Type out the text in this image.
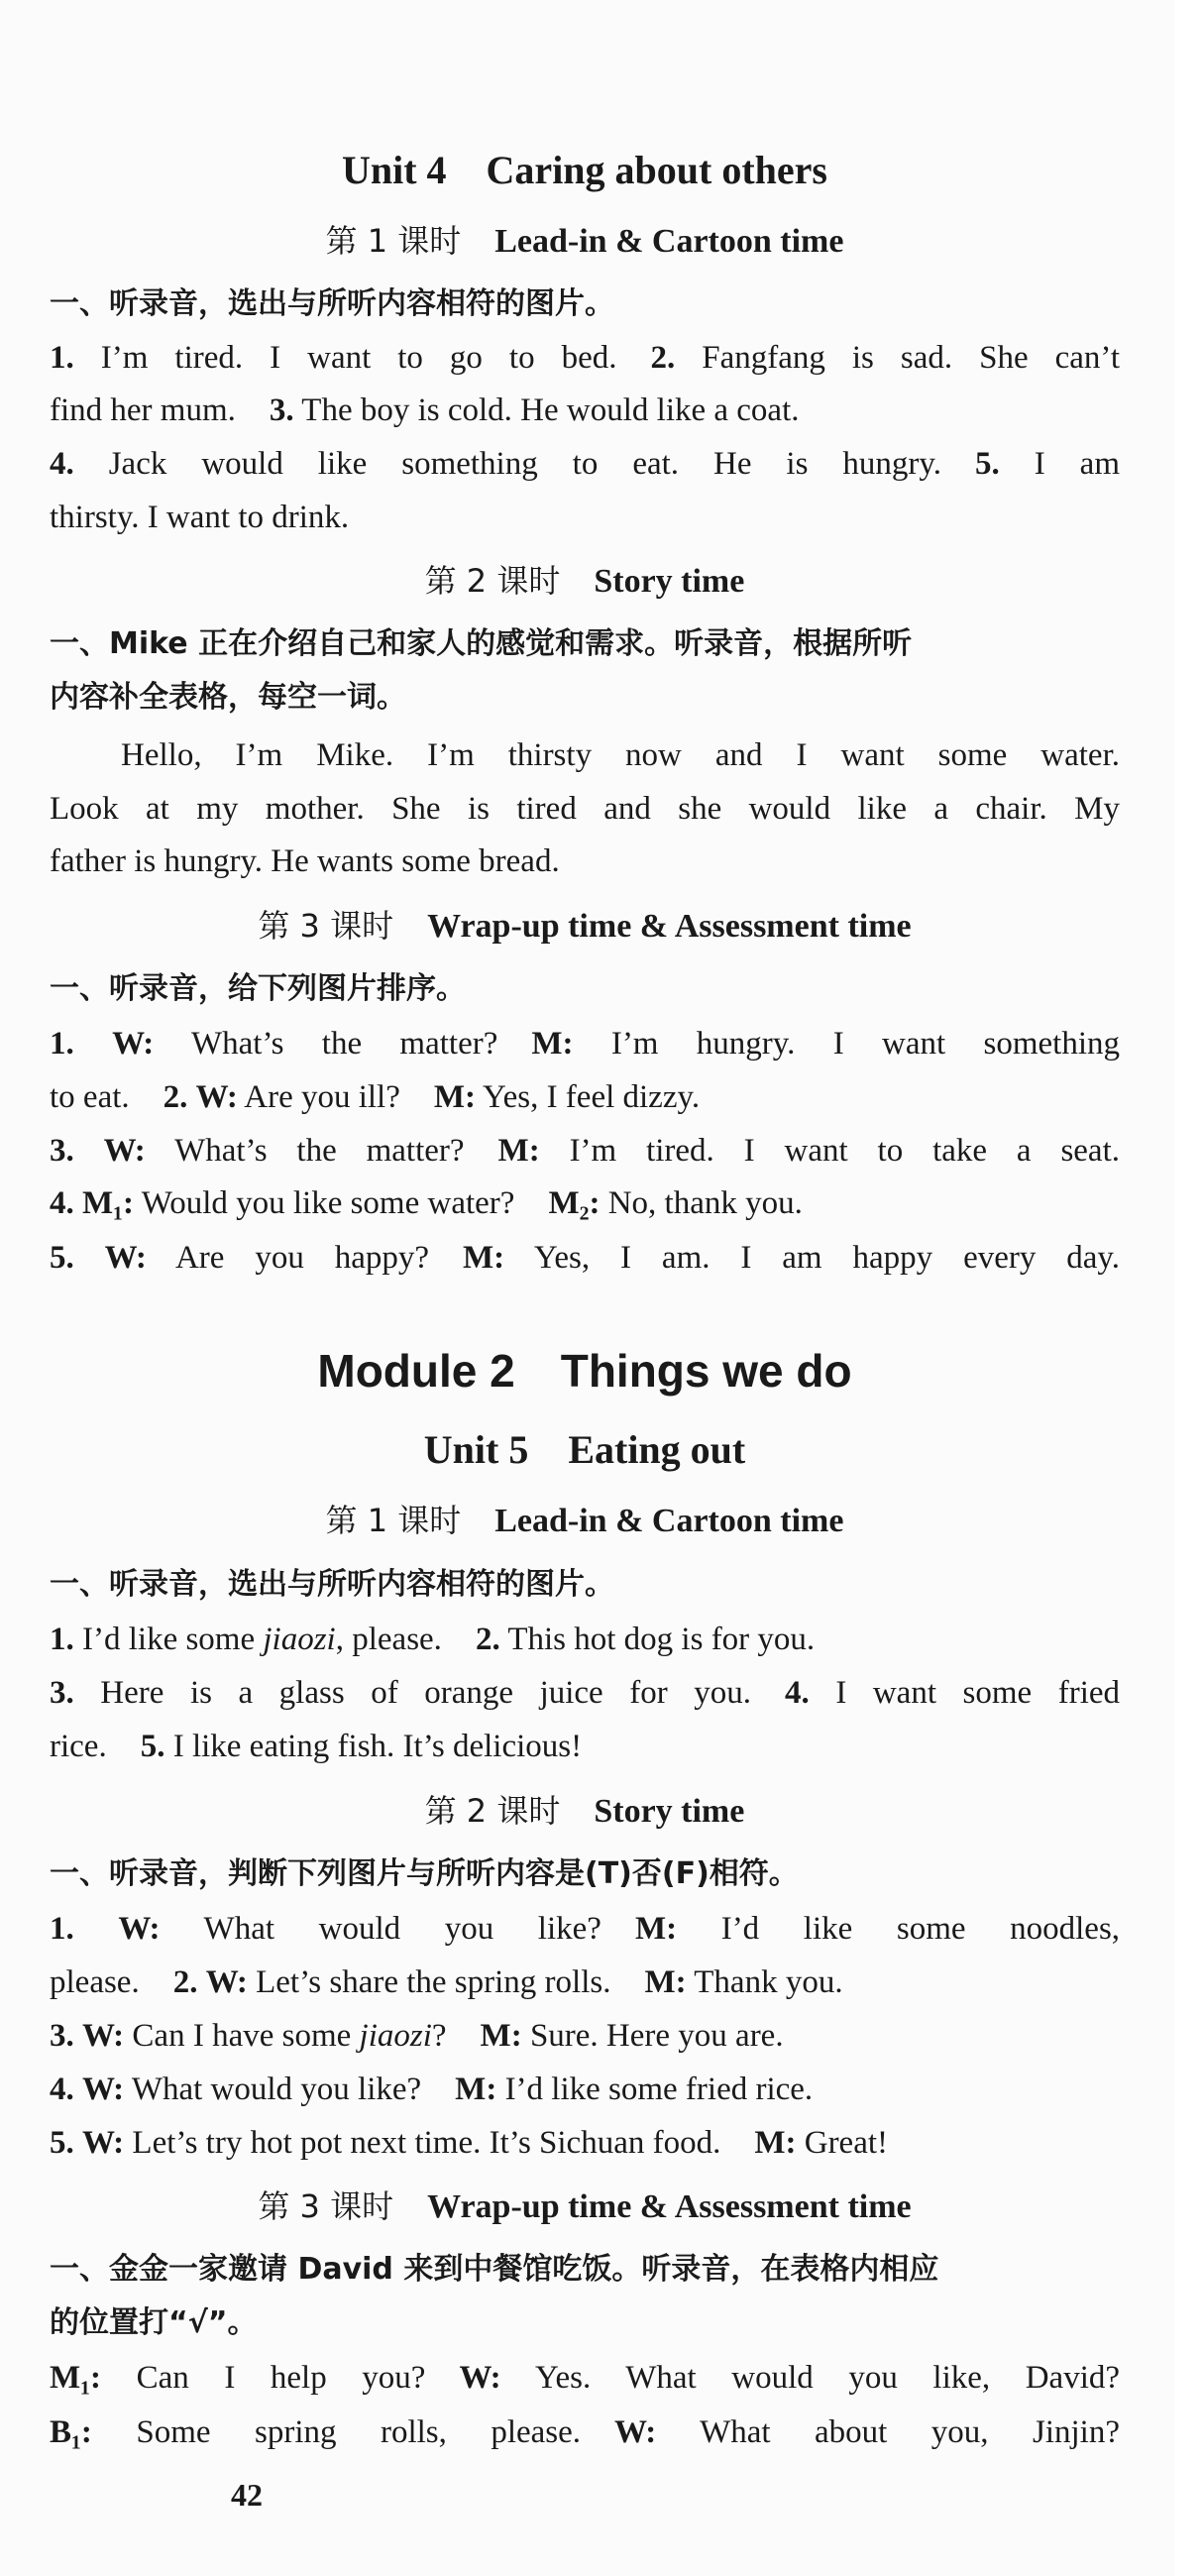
Unit 4　Caring about others
第 1 课时 Lead-in & Cartoon time
一、听录音，选出与所听内容相符的图片。
1. I’m tired. I want to go to bed. 2. Fangfang is sad. She can’t
find her mum. 3. The boy is cold. He would like a coat.
4. Jack would like something to eat. He is hungry. 5. I am
thirsty. I want to drink.
第 2 课时 Story time
一、Mike 正在介绍自己和家人的感觉和需求。听录音，根据所听
内容补全表格，每空一词。
Hello, I’m Mike. I’m thirsty now and I want some water.
Look at my mother. She is tired and she would like a chair. My
father is hungry. He wants some bread.
第 3 课时 Wrap-up time & Assessment time
一、听录音，给下列图片排序。
1. W: What’s the matter? M: I’m hungry. I want something
to eat. 2. W: Are you ill? M: Yes, I feel dizzy.
3. W: What’s the matter? M: I’m tired. I want to take a seat.
4. M₁: Would you like some water? M₂: No, thank you.
5. W: Are you happy? M: Yes, I am. I am happy every day.
Module 2　Things we do
Unit 5　Eating out
第 1 课时 Lead-in & Cartoon time
一、听录音，选出与所听内容相符的图片。
1. I’d like some jiaozi, please. 2. This hot dog is for you.
3. Here is a glass of orange juice for you. 4. I want some fried
rice. 5. I like eating fish. It’s delicious!
第 2 课时 Story time
一、听录音，判断下列图片与所听内容是(T)否(F)相符。
1. W: What would you like? M: I’d like some noodles,
please. 2. W: Let’s share the spring rolls. M: Thank you.
3. W: Can I have some jiaozi? M: Sure. Here you are.
4. W: What would you like? M: I’d like some fried rice.
5. W: Let’s try hot pot next time. It’s Sichuan food. M: Great!
第 3 课时 Wrap-up time & Assessment time
一、金金一家邀请 David 来到中餐馆吃饭。听录音，在表格内相应
的位置打“√”。
M₁: Can I help you? W: Yes. What would you like, David?
B₁: Some spring rolls, please. W: What about you, Jinjin?
42
